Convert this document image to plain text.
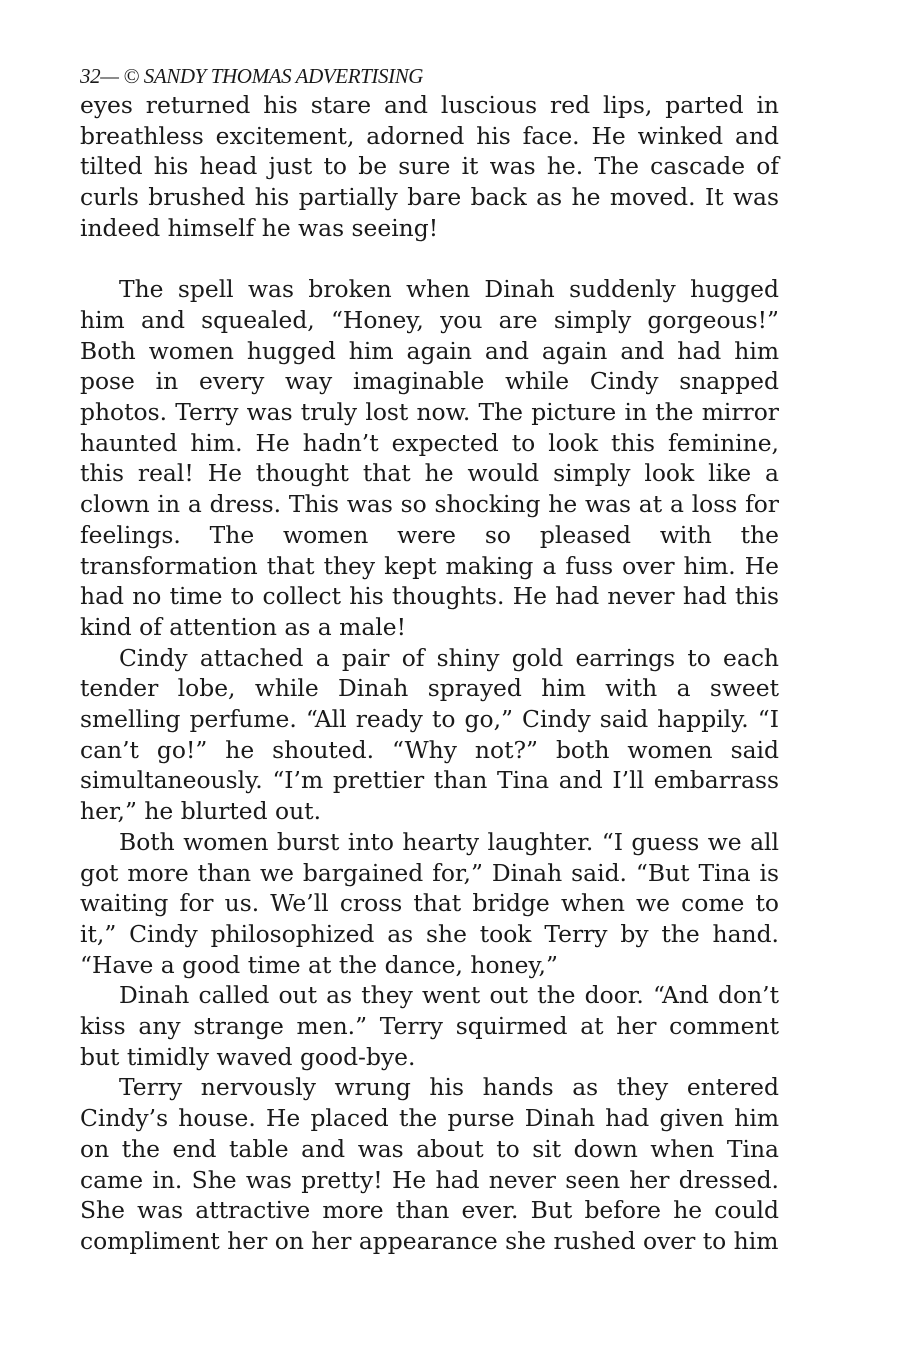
32— © SANDY THOMAS ADVERTISING

eyes returned his stare and luscious red lips, parted in breathless excitement, adorned his face. He winked and tilted his head just to be sure it was he. The cascade of curls brushed his partially bare back as he moved. It was indeed himself he was seeing!

The spell was broken when Dinah suddenly hugged him and squealed, “Honey, you are simply gorgeous!” Both women hugged him again and again and had him pose in every way imaginable while Cindy snapped photos. Terry was truly lost now. The picture in the mirror haunted him. He hadn’t expected to look this feminine, this real! He thought that he would simply look like a clown in a dress. This was so shocking he was at a loss for feelings. The women were so pleased with the transformation that they kept making a fuss over him. He had no time to collect his thoughts. He had never had this kind of attention as a male!

Cindy attached a pair of shiny gold earrings to each tender lobe, while Dinah sprayed him with a sweet smelling perfume. “All ready to go,” Cindy said happily. “I can’t go!” he shouted. “Why not?” both women said simultaneously. “I’m prettier than Tina and I’ll embarrass her,” he blurted out.

Both women burst into hearty laughter. “I guess we all got more than we bargained for,” Dinah said. “But Tina is waiting for us. We’ll cross that bridge when we come to it,” Cindy philosophized as she took Terry by the hand. “Have a good time at the dance, honey,”

Dinah called out as they went out the door. “And don’t kiss any strange men.” Terry squirmed at her comment but timidly waved good-bye.

Terry nervously wrung his hands as they entered Cindy’s house. He placed the purse Dinah had given him on the end table and was about to sit down when Tina came in. She was pretty! He had never seen her dressed. She was attractive more than ever. But before he could compliment her on her appearance she rushed over to him
